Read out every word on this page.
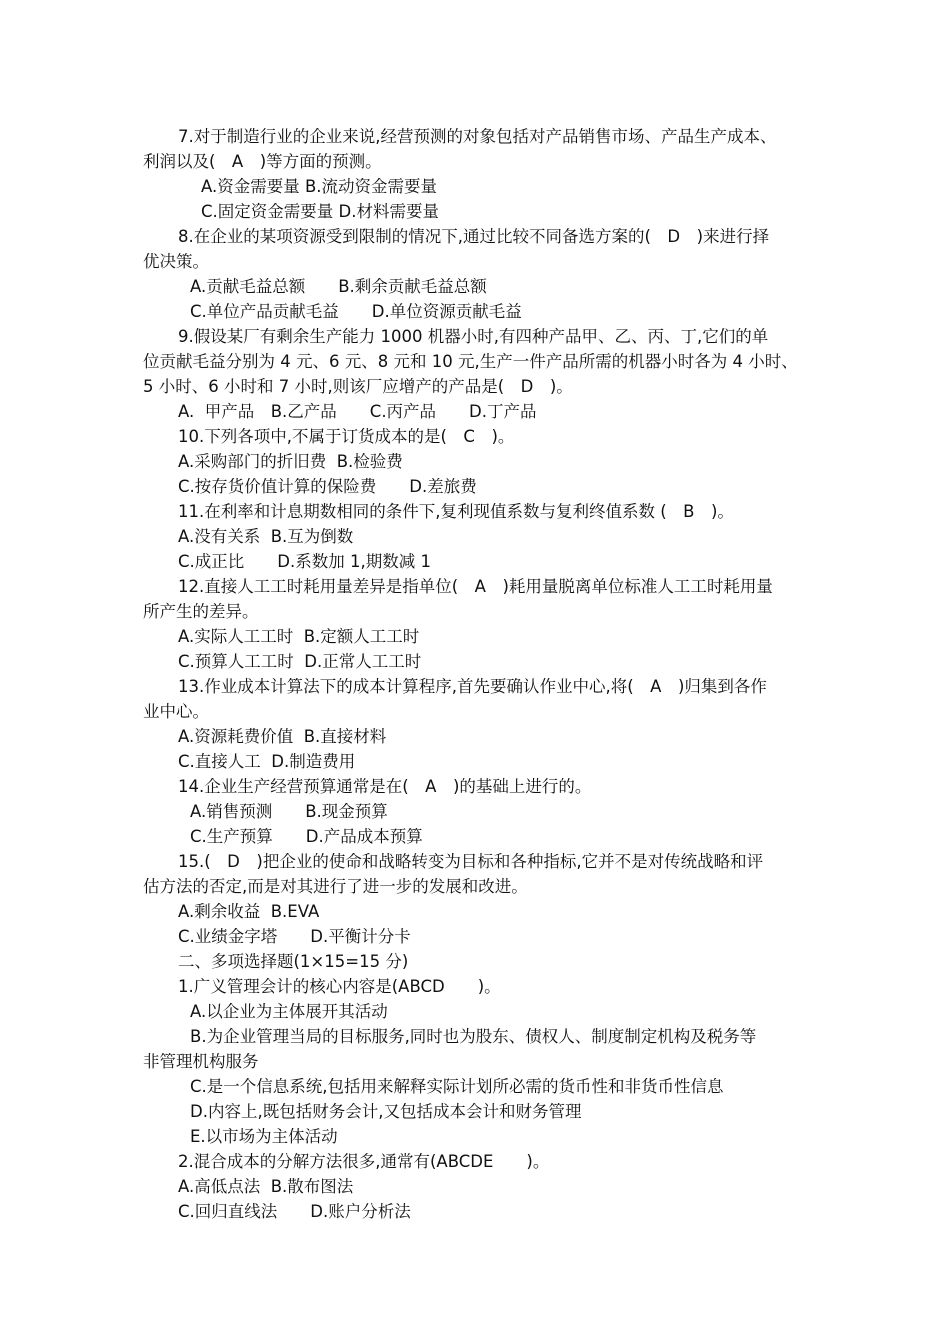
7.对于制造行业的企业来说,经营预测的对象包括对产品销售市场、产品生产成本、
利润以及(　A　)等方面的预测。
A.资金需要量 B.流动资金需要量
C.固定资金需要量 D.材料需要量
8.在企业的某项资源受到限制的情况下,通过比较不同备选方案的(　D　)来进行择
优决策。
A.贡献毛益总额　　B.剩余贡献毛益总额
C.单位产品贡献毛益　　D.单位资源贡献毛益
9.假设某厂有剩余生产能力 1000 机器小时,有四种产品甲、乙、丙、丁,它们的单
位贡献毛益分别为 4 元、6 元、8 元和 10 元,生产一件产品所需的机器小时各为 4 小时、
5 小时、6 小时和 7 小时,则该厂应增产的产品是(　D　)。
A.  甲产品　B.乙产品　　C.丙产品　　D.丁产品
10.下列各项中,不属于订货成本的是(　C　)。
A.采购部门的折旧费  B.检验费
C.按存货价值计算的保险费　　D.差旅费
11.在利率和计息期数相同的条件下,复利现值系数与复利终值系数 (　B　)。
A.没有关系  B.互为倒数
C.成正比　　D.系数加 1,期数减 1
12.直接人工工时耗用量差异是指单位(　A　)耗用量脱离单位标准人工工时耗用量
所产生的差异。
A.实际人工工时  B.定额人工工时
C.预算人工工时  D.正常人工工时
13.作业成本计算法下的成本计算程序,首先要确认作业中心,将(　A　)归集到各作
业中心。
A.资源耗费价值  B.直接材料
C.直接人工  D.制造费用
14.企业生产经营预算通常是在(　A　)的基础上进行的。
A.销售预测　　B.现金预算
C.生产预算　　D.产品成本预算
15.(　D　)把企业的使命和战略转变为目标和各种指标,它并不是对传统战略和评
估方法的否定,而是对其进行了进一步的发展和改进。
A.剩余收益  B.EVA
C.业绩金字塔　　D.平衡计分卡
二、多项选择题(1×15=15 分)
1.广义管理会计的核心内容是(ABCD　　)。
A.以企业为主体展开其活动
B.为企业管理当局的目标服务,同时也为股东、债权人、制度制定机构及税务等
非管理机构服务
C.是一个信息系统,包括用来解释实际计划所必需的货币性和非货币性信息
D.内容上,既包括财务会计,又包括成本会计和财务管理
E.以市场为主体活动
2.混合成本的分解方法很多,通常有(ABCDE　　)。
A.高低点法  B.散布图法
C.回归直线法　　D.账户分析法
